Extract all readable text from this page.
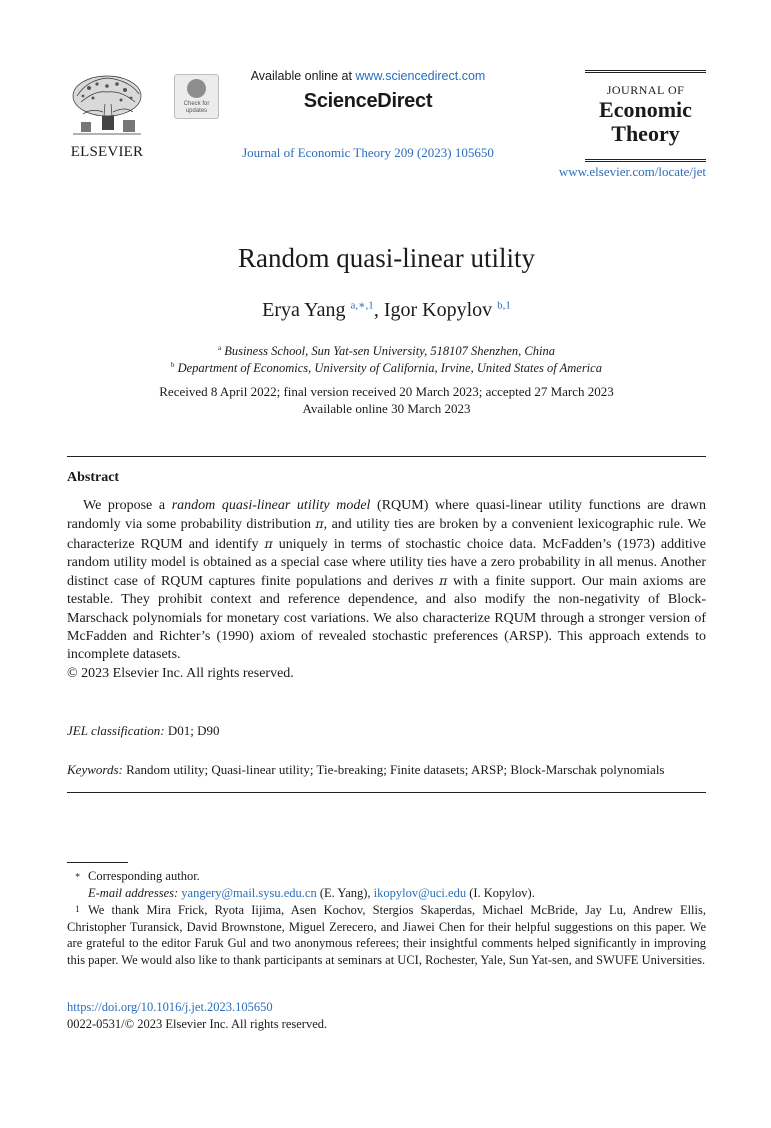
ELSEVIER
Check for updates
Available online at www.sciencedirect.com
ScienceDirect
Journal of Economic Theory 209 (2023) 105650
JOURNAL OF
Economic
Theory
www.elsevier.com/locate/jet
Random quasi-linear utility
Erya Yang $^{a,∗,1}$, Igor Kopylov $^{b,1}$
$^a$ Business School, Sun Yat-sen University, 518107 Shenzhen, China
$^b$ Department of Economics, University of California, Irvine, United States of America
Received 8 April 2022; final version received 20 March 2023; accepted 27 March 2023
Available online 30 March 2023
Abstract

We propose a random quasi-linear utility model (RQUM) where quasi-linear utility functions are drawn randomly via some probability distribution π, and utility ties are broken by a convenient lexicographic rule. We characterize RQUM and identify π uniquely in terms of stochastic choice data. McFadden’s (1973) additive random utility model is obtained as a special case where utility ties have a zero probability in all menus. Another distinct case of RQUM captures finite populations and derives π with a finite support. Our main axioms are testable. They prohibit context and reference dependence, and also modify the non-negativity of Block-Marschack polynomials for monetary cost variations. We also characterize RQUM through a stronger version of McFadden and Richter’s (1990) axiom of revealed stochastic preferences (ARSP). This approach extends to incomplete datasets.

© 2023 Elsevier Inc. All rights reserved.

JEL classification: D01; D90
Keywords: Random utility; Quasi-linear utility; Tie-breaking; Finite datasets; ARSP; Block-Marschak polynomials
∗ Corresponding author.
E-mail addresses: yangery@mail.sysu.edu.cn (E. Yang), ikopylov@uci.edu (I. Kopylov).
1 We thank Mira Frick, Ryota Iijima, Asen Kochov, Stergios Skaperdas, Michael McBride, Jay Lu, Andrew Ellis, Christopher Turansick, David Brownstone, Miguel Zerecero, and Jiawei Chen for their helpful suggestions on this paper. We are grateful to the editor Faruk Gul and two anonymous referees; their insightful comments helped significantly in improving this paper. We would also like to thank participants at seminars at UCI, Rochester, Yale, Sun Yat-sen, and SWUFE Universities.
https://doi.org/10.1016/j.jet.2023.105650
0022-0531/© 2023 Elsevier Inc. All rights reserved.
